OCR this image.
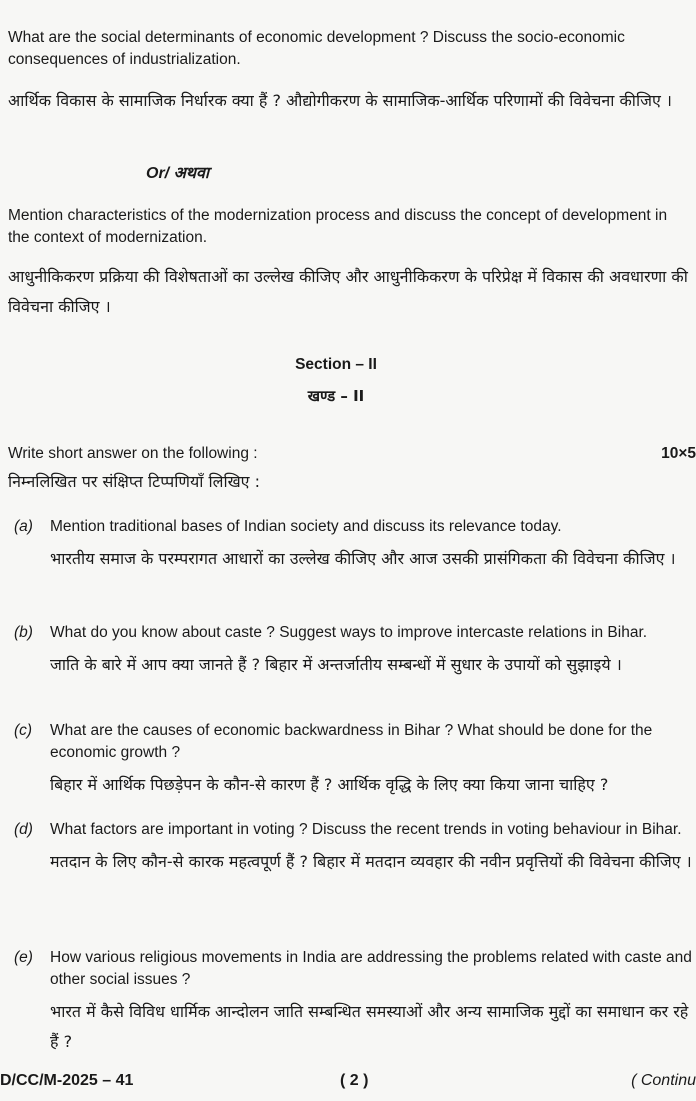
What are the social determinants of economic development ? Discuss the socio-economic consequences of industrialization.
आर्थिक विकास के सामाजिक निर्धारक क्या हैं ? औद्योगीकरण के सामाजिक-आर्थिक परिणामों की विवेचना कीजिए ।
Or/ अथवा
Mention characteristics of the modernization process and discuss the concept of development in the context of modernization.
आधुनीकिकरण प्रक्रिया की विशेषताओं का उल्लेख कीजिए और आधुनीकिकरण के परिप्रेक्ष में विकास की अवधारणा की विवेचना कीजिए ।
Section – II
खण्ड – II
Write short answer on the following :	10×5
निम्नलिखित पर संक्षिप्त टिप्पणियाँ लिखिए :
(a) Mention traditional bases of Indian society and discuss its relevance today.
भारतीय समाज के परम्परागत आधारों का उल्लेख कीजिए और आज उसकी प्रासंगिकता की विवेचना कीजिए ।
(b) What do you know about caste ? Suggest ways to improve intercaste relations in Bihar.
जाति के बारे में आप क्या जानते हैं ? बिहार में अन्तर्जातीय सम्बन्धों में सुधार के उपायों को सुझाइये ।
(c) What are the causes of economic backwardness in Bihar ? What should be done for the economic growth ?
बिहार में आर्थिक पिछड़ेपन के कौन-से कारण हैं ? आर्थिक वृद्धि के लिए क्या किया जाना चाहिए ?
(d) What factors are important in voting ? Discuss the recent trends in voting behaviour in Bihar.
मतदान के लिए कौन-से कारक महत्वपूर्ण हैं ? बिहार में मतदान व्यवहार की नवीन प्रवृत्तियों की विवेचना कीजिए ।
(e) How various religious movements in India are addressing the problems related with caste and other social issues ?
भारत में कैसे विविध धार्मिक आन्दोलन जाति सम्बन्धित समस्याओं और अन्य सामाजिक मुद्दों का समाधान कर रहे हैं ?
D/CC/M-2025 – 41	( 2 )	( Continu
